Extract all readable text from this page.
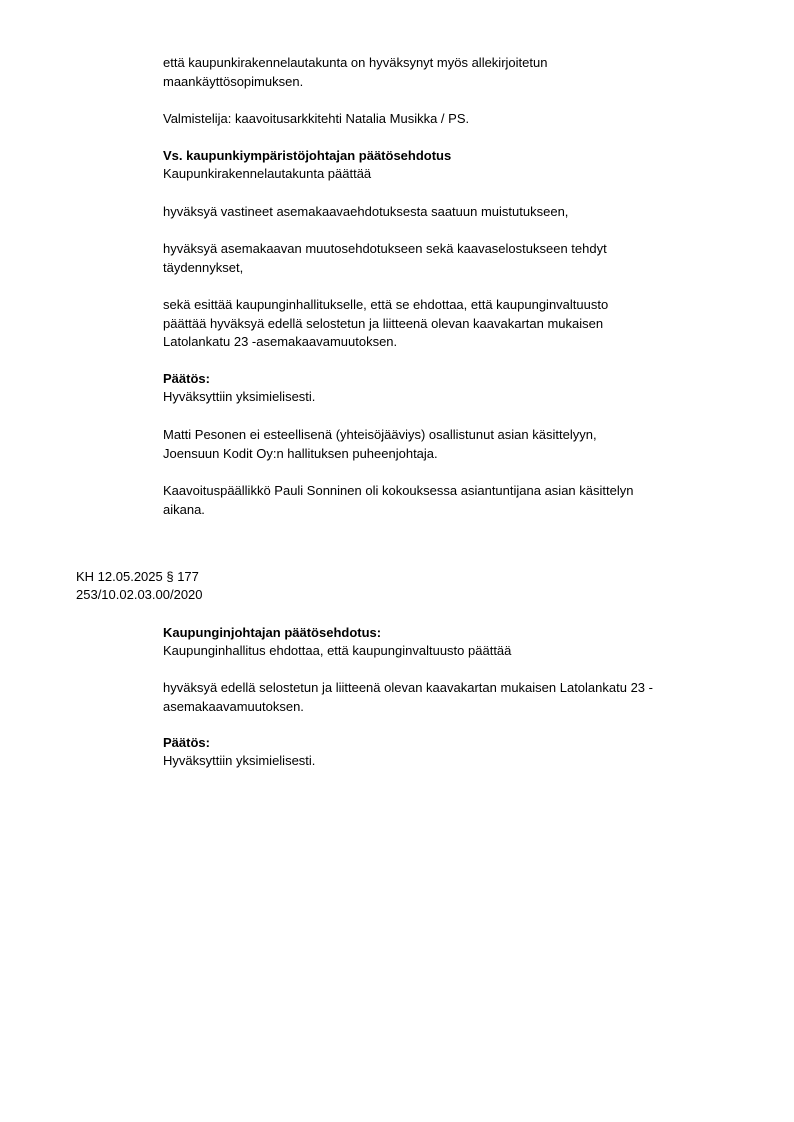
että kaupunkirakennelautakunta on hyväksynyt myös allekirjoitetun
maankäyttösopimuksen.

Valmistelija: kaavoitusarkkitehti Natalia Musikka / PS.

Vs. kaupunkiympäristöjohtajan päätösehdotus

Kaupunkirakennelautakunta päättää

hyväksyä vastineet asemakaavaehdotuksesta saatuun muistutukseen,

hyväksyä asemakaavan muutosehdotukseen sekä kaavaselostukseen tehdyt
täydennykset,

sekä esittää kaupunginhallitukselle, että se ehdottaa, että kaupunginvaltuusto
päättää hyväksyä edellä selostetun ja liitteenä olevan kaavakartan mukaisen
Latolankatu 23 -asemakaavamuutoksen.

Päätös:

Hyväksyttiin yksimielisesti.

Matti Pesonen ei esteellisenä (yhteisöjääviys) osallistunut asian käsittelyyn,
Joensuun Kodit Oy:n hallituksen puheenjohtaja.

Kaavoituspäällikkö Pauli Sonninen oli kokouksessa asiantuntijana asian käsittelyn
aikana.

KH 12.05.2025 § 177

253/10.02.03.00/2020

Kaupunginjohtajan päätösehdotus:

Kaupunginhallitus ehdottaa, että kaupunginvaltuusto päättää

hyväksyä edellä selostetun ja liitteenä olevan kaavakartan mukaisen Latolankatu 23 -
asemakaavamuutoksen.

Päätös:

Hyväksyttiin yksimielisesti.
